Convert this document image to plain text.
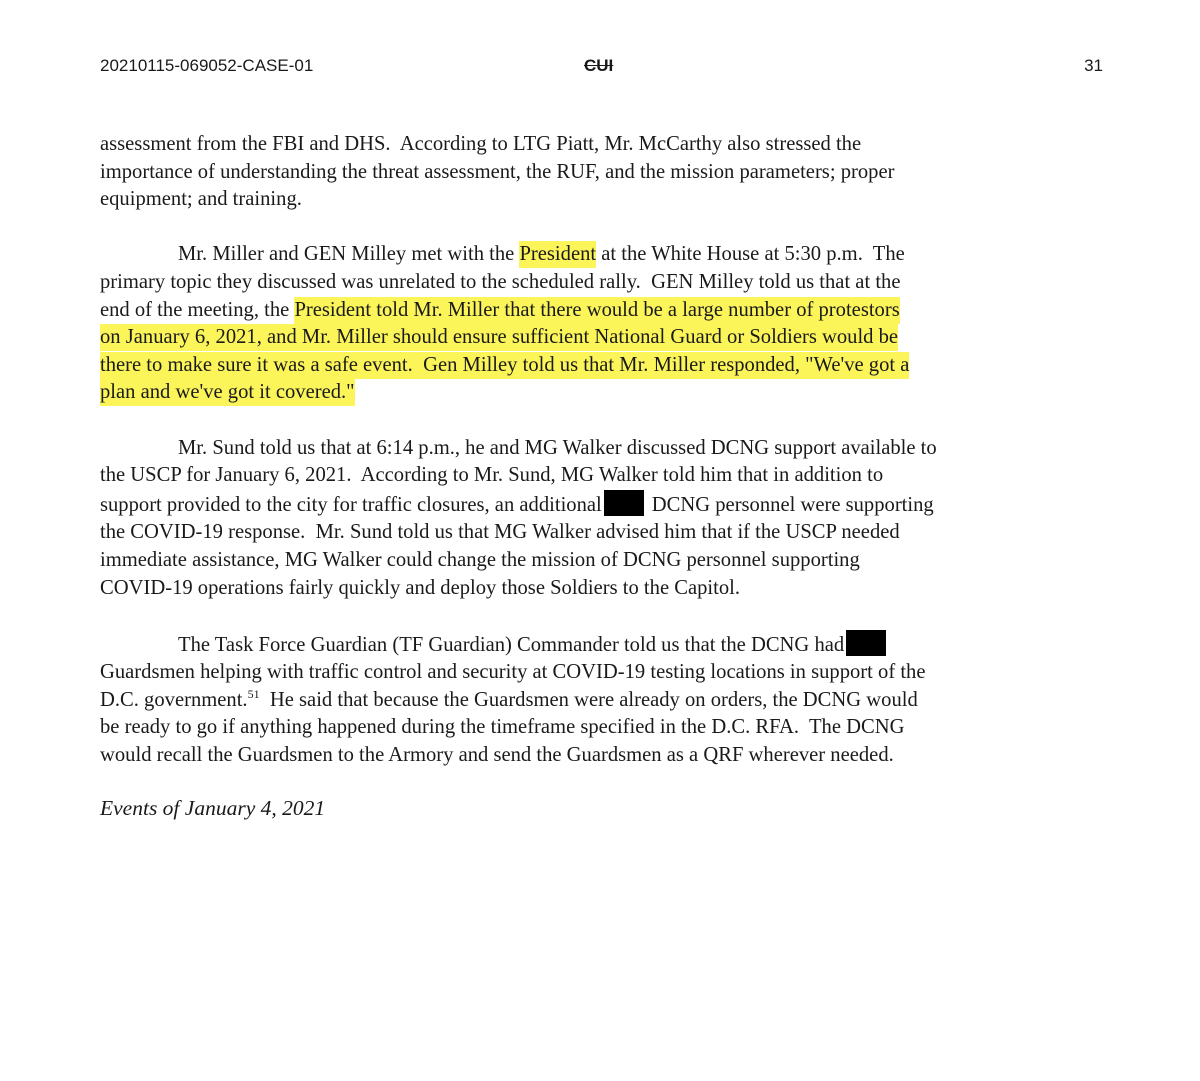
20210115-069052-CASE-01	CUI	31

assessment from the FBI and DHS.  According to LTG Piatt, Mr. McCarthy also stressed the
importance of understanding the threat assessment, the RUF, and the mission parameters; proper
equipment; and training.

Mr. Miller and GEN Milley met with the President at the White House at 5:30 p.m.  The
primary topic they discussed was unrelated to the scheduled rally.  GEN Milley told us that at the
end of the meeting, the President told Mr. Miller that there would be a large number of protestors
on January 6, 2021, and Mr. Miller should ensure sufficient National Guard or Soldiers would be
there to make sure it was a safe event.  Gen Milley told us that Mr. Miller responded, "We've got a
plan and we've got it covered."

Mr. Sund told us that at 6:14 p.m., he and MG Walker discussed DCNG support available to
the USCP for January 6, 2021.  According to Mr. Sund, MG Walker told him that in addition to
support provided to the city for traffic closures, an additional DCNG personnel were supporting
the COVID-19 response.  Mr. Sund told us that MG Walker advised him that if the USCP needed
immediate assistance, MG Walker could change the mission of DCNG personnel supporting
COVID-19 operations fairly quickly and deploy those Soldiers to the Capitol.

The Task Force Guardian (TF Guardian) Commander told us that the DCNG had
Guardsmen helping with traffic control and security at COVID-19 testing locations in support of the
D.C. government.$^{51}$  He said that because the Guardsmen were already on orders, the DCNG would
be ready to go if anything happened during the timeframe specified in the D.C. RFA.  The DCNG
would recall the Guardsmen to the Armory and send the Guardsmen as a QRF wherever needed.

Events of January 4, 2021
